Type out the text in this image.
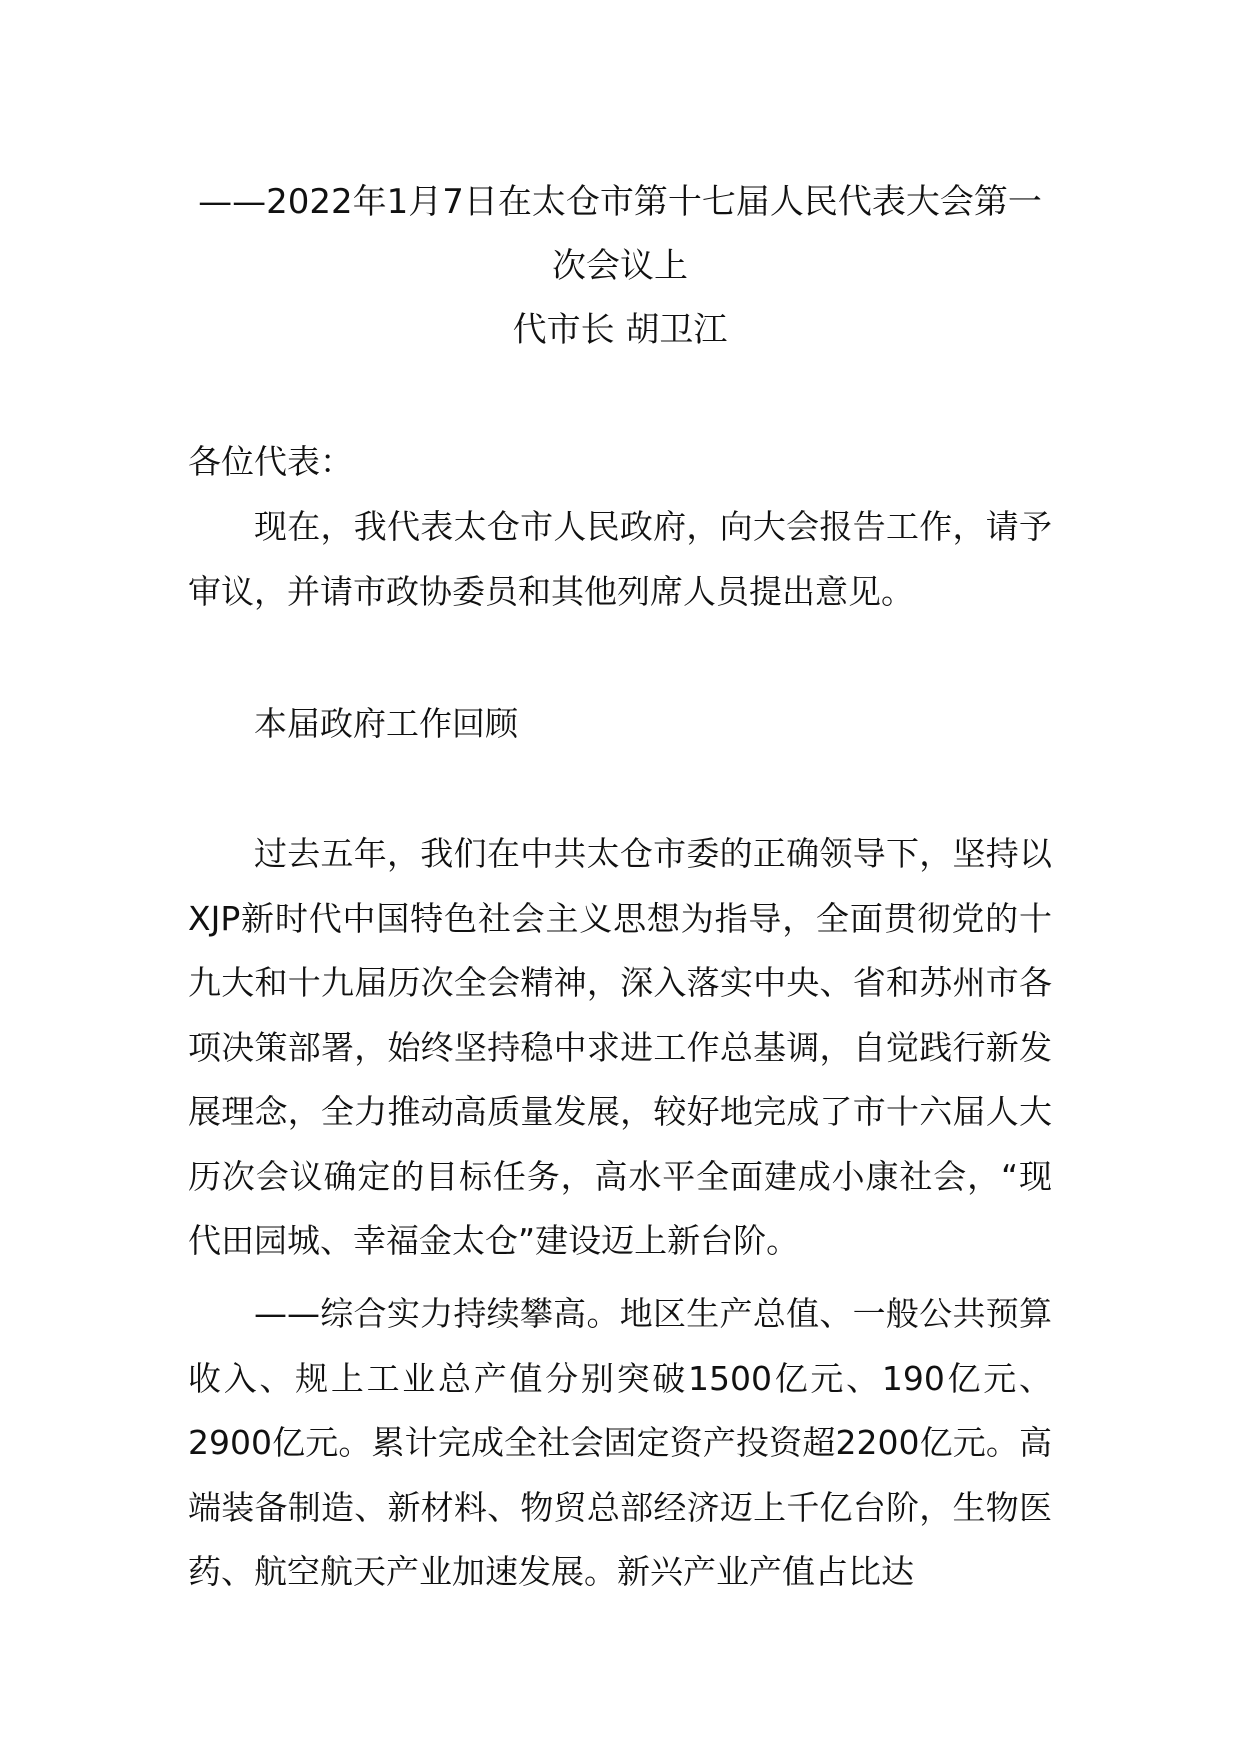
——2022年1月7日在太仓市第十七届人民代表大会第一次会议上
代市长 胡卫江

各位代表：

现在，我代表太仓市人民政府，向大会报告工作，请予审议，并请市政协委员和其他列席人员提出意见。

本届政府工作回顾

过去五年，我们在中共太仓市委的正确领导下，坚持以XJP新时代中国特色社会主义思想为指导，全面贯彻党的十九大和十九届历次全会精神，深入落实中央、省和苏州市各项决策部署，始终坚持稳中求进工作总基调，自觉践行新发展理念，全力推动高质量发展，较好地完成了市十六届人大历次会议确定的目标任务，高水平全面建成小康社会，“现代田园城、幸福金太仓”建设迈上新台阶。

——综合实力持续攀高。地区生产总值、一般公共预算收入、规上工业总产值分别突破1500亿元、190亿元、2900亿元。累计完成全社会固定资产投资超2200亿元。高端装备制造、新材料、物贸总部经济迈上千亿台阶，生物医药、航空航天产业加速发展。新兴产业产值占比达
